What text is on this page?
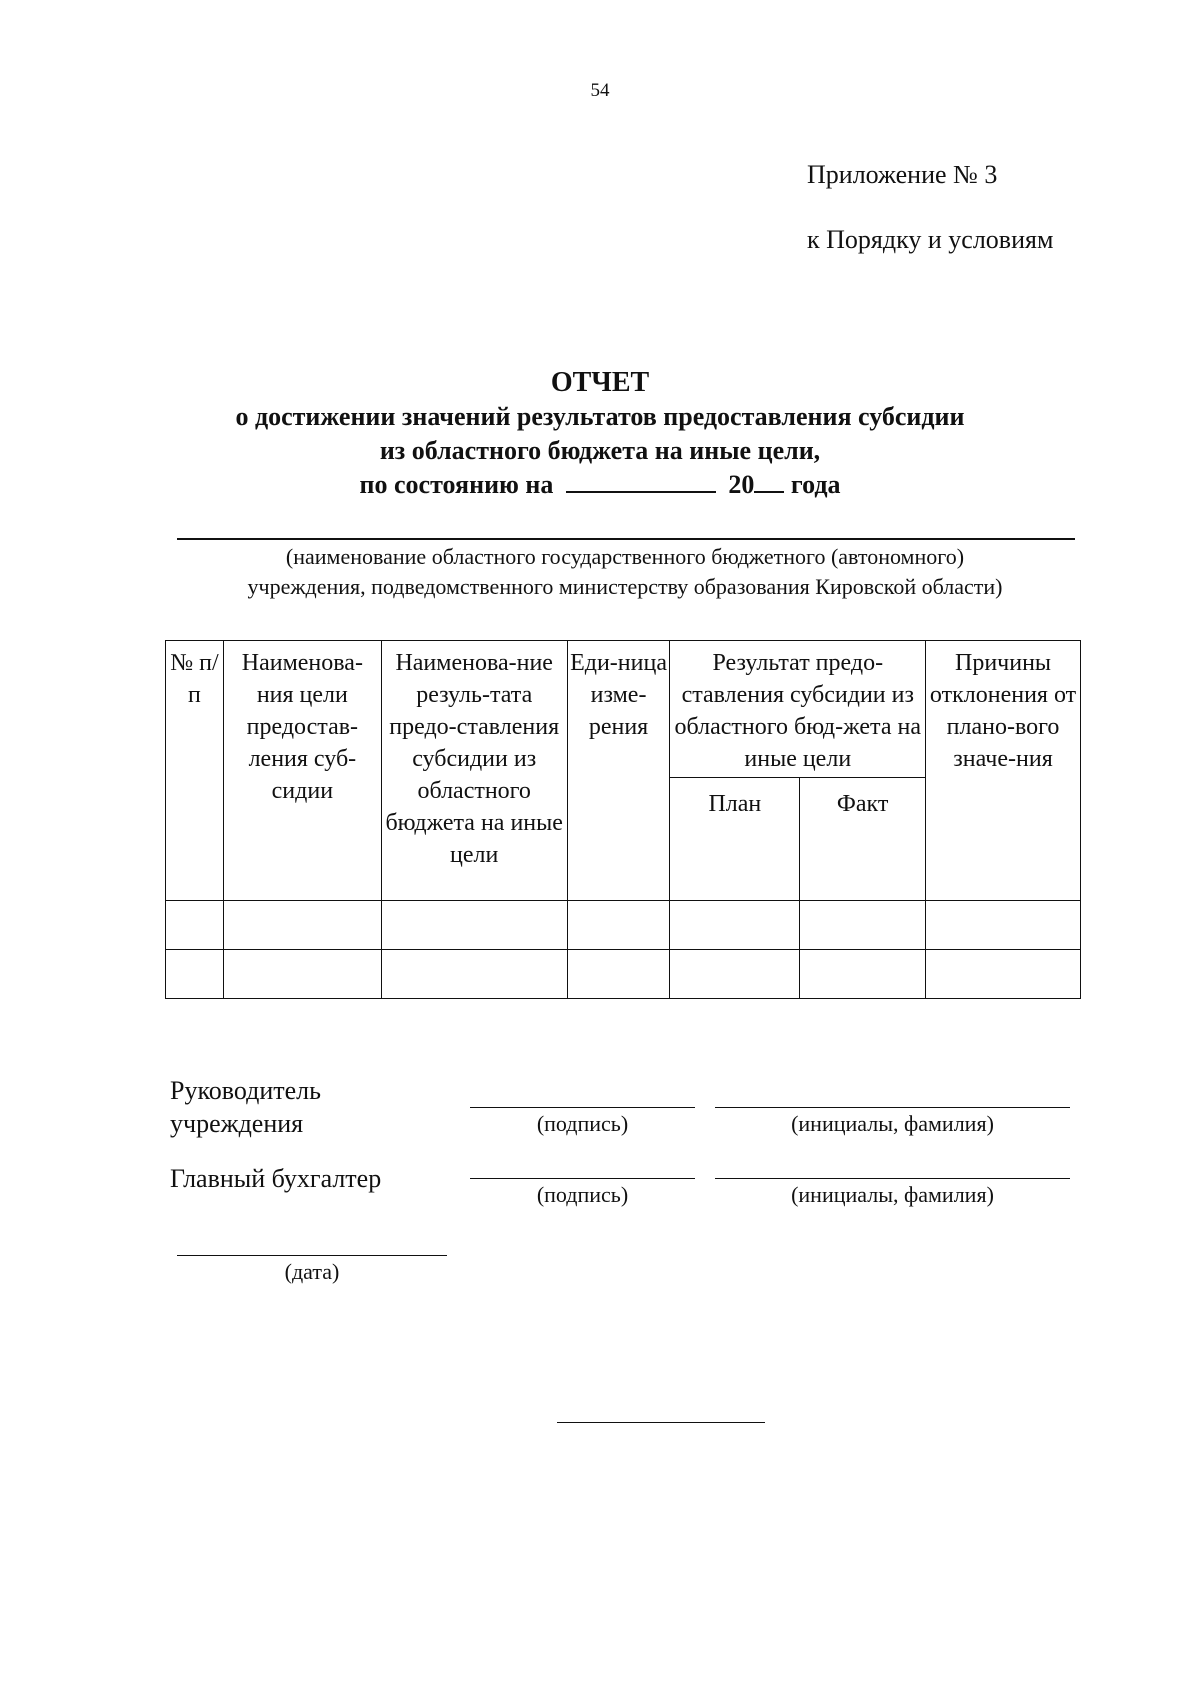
54
Приложение № 3
к Порядку и условиям
ОТЧЕТ
о достижении значений результатов предоставления субсидии
из областного бюджета на иные цели,
по состоянию на	20 года
(наименование областного государственного бюджетного (автономного)
учреждения, подведомственного министерству образования Кировской области)
№ п/п	Наименова-ния цели предостав-ления суб-сидии	Наименова-ние резуль-тата предо-ставления субсидии из областного бюджета на иные цели	Еди-ница изме-рения	Результат предо-ставления субсидии из областного бюд-жета на иные цели		Причины отклонения от плано-вого значе-ния
				План	Факт	

Руководитель
учреждения	(подпись)	(инициалы, фамилия)
Главный бухгалтер
(подпись)	(инициалы, фамилия)
(дата)
